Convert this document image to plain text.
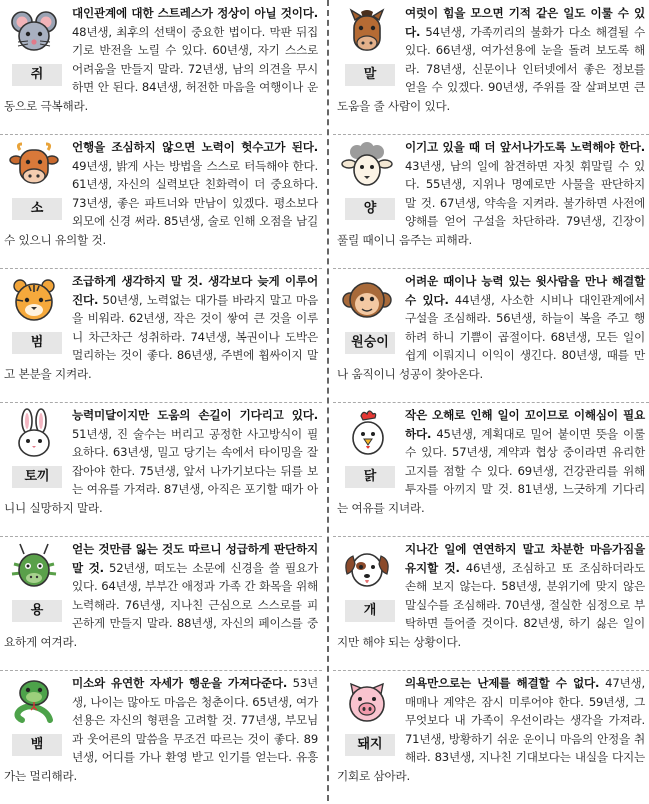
쥐
대인관계에 대한 스트레스가 정상이 아닐 것이다. 48년생, 최후의 선택이 중요한 법이다. 막판 뒤집기로 반전을 노릴 수 있다. 60년생, 자기 스스로 어려움을 만들지 말라. 72년생, 남의 의견을 무시하면 안 된다. 84년생, 허전한 마음을 여행이나 운동으로 극복해라.
소
언행을 조심하지 않으면 노력이 헛수고가 된다. 49년생, 밝게 사는 방법을 스스로 터득해야 한다. 61년생, 자신의 실력보단 친화력이 더 중요하다. 73년생, 좋은 파트너와 만남이 있겠다. 평소보다 외모에 신경 써라. 85년생, 술로 인해 오점을 남길 수 있으니 유의할 것.
범
조급하게 생각하지 말 것. 생각보다 늦게 이루어진다. 50년생, 노력없는 대가를 바라지 말고 마음을 비워라. 62년생, 작은 것이 쌓여 큰 것을 이루니 차근차근 성취하라. 74년생, 복권이나 도박은 멀리하는 것이 좋다. 86년생, 주변에 휩싸이지 말고 본분을 지켜라.
토끼
능력미달이지만 도움의 손길이 기다리고 있다. 51년생, 진 술수는 버리고 공정한 사고방식이 필요하다. 63년생, 밀고 당기는 속에서 타이밍을 잘 잡아야 한다. 75년생, 앞서 나가기보다는 뒤를 보는 여유를 가져라. 87년생, 아직은 포기할 때가 아니니 실망하지 말라.
용
얻는 것만큼 잃는 것도 따르니 성급하게 판단하지 말 것. 52년생, 떠도는 소문에 신경을 쓸 필요가 있다. 64년생, 부부간 애정과 가족 간 화목을 위해 노력해라. 76년생, 지나친 근심으로 스스로를 피곤하게 만들지 말라. 88년생, 자신의 페이스를 중요하게 여겨라.
뱀
미소와 유연한 자세가 행운을 가져다준다. 53년생, 나이는 많아도 마음은 청춘이다. 65년생, 여가 선용은 자신의 형편을 고려할 것. 77년생, 부모님과 웃어른의 말씀을 무조건 따르는 것이 좋다. 89년생, 어디를 가나 환영 받고 인기를 얻는다. 유흥가는 멀리해라.
말
여럿이 힘을 모으면 기적 같은 일도 이룰 수 있다. 54년생, 가족끼리의 불화가 다소 해결될 수 있다. 66년생, 여가선용에 눈을 돌려 보도록 해라. 78년생, 신문이나 인터넷에서 좋은 정보를 얻을 수 있겠다. 90년생, 주위를 잘 살펴보면 큰 도움을 줄 사람이 있다.
양
이기고 있을 때 더 앞서나가도록 노력해야 한다. 43년생, 남의 일에 참견하면 자칫 휘말릴 수 있다. 55년생, 지위나 명예로만 사물을 판단하지 말 것. 67년생, 약속을 지켜라. 불가하면 사전에 양해를 얻어 구설을 차단하라. 79년생, 긴장이 풀릴 때이니 음주는 피해라.
원숭이
어려운 때이나 능력 있는 윗사람을 만나 해결할 수 있다. 44년생, 사소한 시비나 대인관계에서 구설을 조심해라. 56년생, 하늘이 복을 주고 행하려 하니 기쁨이 곱절이다. 68년생, 모든 일이 쉽게 이뤄지니 이익이 생긴다. 80년생, 때를 만나 움직이니 성공이 찾아온다.
닭
작은 오해로 인해 일이 꼬이므로 이해심이 필요하다. 45년생, 계획대로 밀어 붙이면 뜻을 이룰 수 있다. 57년생, 계약과 협상 중이라면 유리한 고지를 점할 수 있다. 69년생, 건강관리를 위해 투자를 아끼지 말 것. 81년생, 느긋하게 기다리는 여유를 지녀라.
개
지나간 일에 연연하지 말고 차분한 마음가짐을 유지할 것. 46년생, 조심하고 또 조심하더라도 손해 보지 않는다. 58년생, 분위기에 맞지 않은 말실수를 조심해라. 70년생, 절실한 심정으로 부탁하면 들어줄 것이다. 82년생, 하기 싫은 일이지만 해야 되는 상황이다.
돼지
의욕만으로는 난제를 해결할 수 없다. 47년생, 매매나 계약은 잠시 미루어야 한다. 59년생, 그 무엇보다 내 가족이 우선이라는 생각을 가져라. 71년생, 방황하기 쉬운 운이니 마음의 안정을 취해라. 83년생, 지나친 기대보다는 내실을 다지는 기회로 삼아라.
